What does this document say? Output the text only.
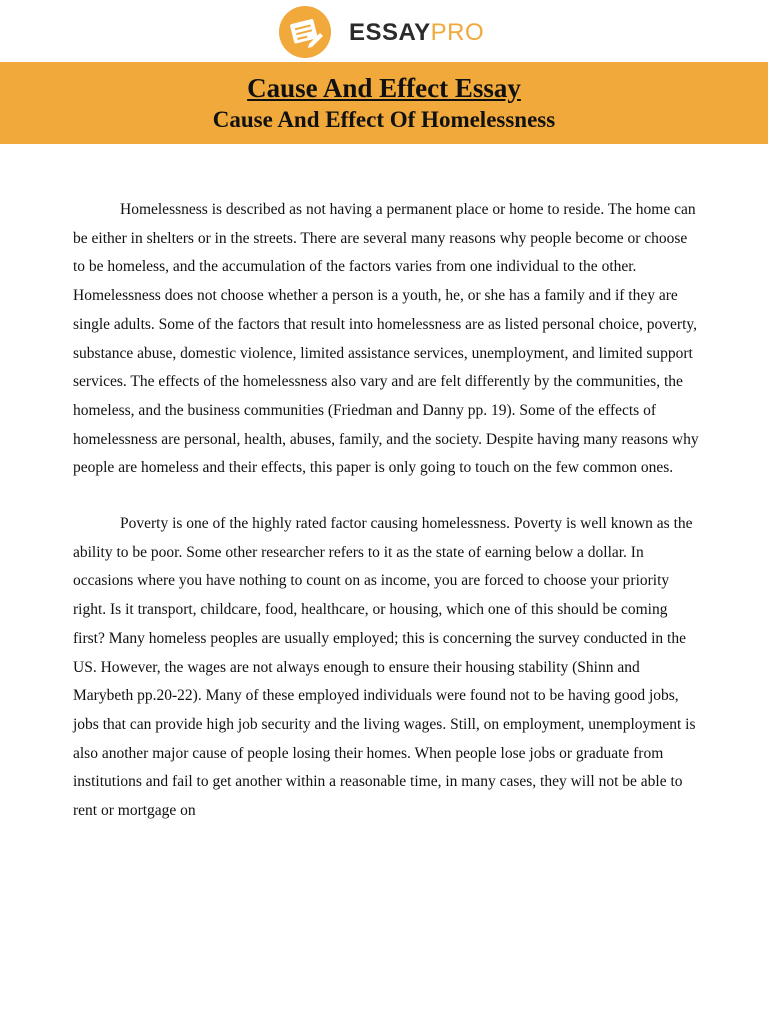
ESSAYPRO
Cause And Effect Essay
Cause And Effect Of Homelessness

Homelessness is described as not having a permanent place or home to reside. The home can be either in shelters or in the streets. There are several many reasons why people become or choose to be homeless, and the accumulation of the factors varies from one individual to the other. Homelessness does not choose whether a person is a youth, he, or she has a family and if they are single adults. Some of the factors that result into homelessness are as listed personal choice, poverty, substance abuse, domestic violence, limited assistance services, unemployment, and limited support services. The effects of the homelessness also vary and are felt differently by the communities, the homeless, and the business communities (Friedman and Danny pp. 19). Some of the effects of homelessness are personal, health, abuses, family, and the society. Despite having many reasons why people are homeless and their effects, this paper is only going to touch on the few common ones.

Poverty is one of the highly rated factor causing homelessness. Poverty is well known as the ability to be poor. Some other researcher refers to it as the state of earning below a dollar. In occasions where you have nothing to count on as income, you are forced to choose your priority right. Is it transport, childcare, food, healthcare, or housing, which one of this should be coming first? Many homeless peoples are usually employed; this is concerning the survey conducted in the US. However, the wages are not always enough to ensure their housing stability (Shinn and Marybeth pp.20-22). Many of these employed individuals were found not to be having good jobs, jobs that can provide high job security and the living wages. Still, on employment, unemployment is also another major cause of people losing their homes. When people lose jobs or graduate from institutions and fail to get another within a reasonable time, in many cases, they will not be able to rent or mortgage on
